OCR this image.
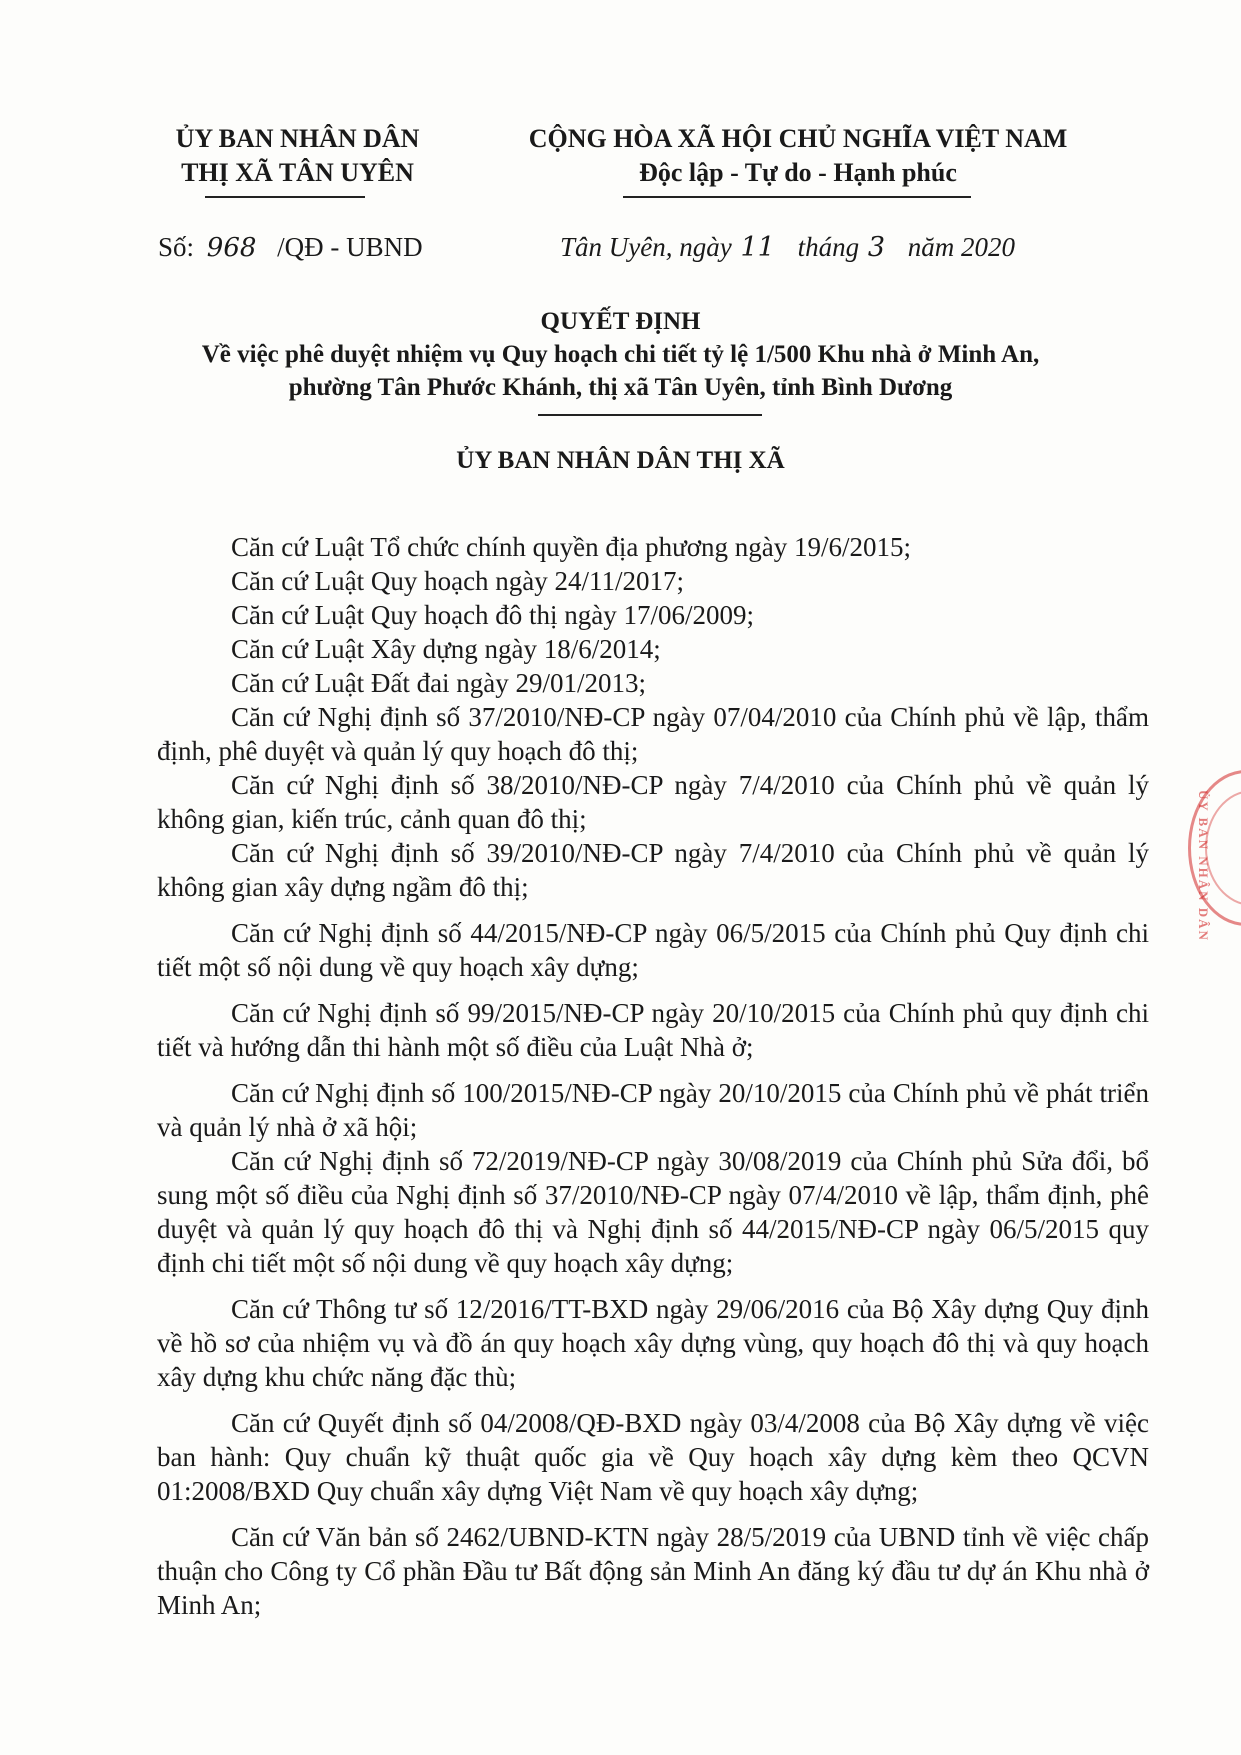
ỦY BAN NHÂN DÂN
THỊ XÃ TÂN UYÊN
CỘNG HÒA XÃ HỘI CHỦ NGHĨA VIỆT NAM
Độc lập - Tự do - Hạnh phúc
Số: 968 /QĐ - UBND	Tân Uyên, ngày 11 tháng 3 năm 2020
QUYẾT ĐỊNH
Về việc phê duyệt nhiệm vụ Quy hoạch chi tiết tỷ lệ 1/500 Khu nhà ở Minh An,
phường Tân Phước Khánh, thị xã Tân Uyên, tỉnh Bình Dương
ỦY BAN NHÂN DÂN THỊ XÃ

Căn cứ Luật Tổ chức chính quyền địa phương ngày 19/6/2015;

Căn cứ Luật Quy hoạch ngày 24/11/2017;

Căn cứ Luật Quy hoạch đô thị ngày 17/06/2009;

Căn cứ Luật Xây dựng ngày 18/6/2014;

Căn cứ Luật Đất đai ngày 29/01/2013;

Căn cứ Nghị định số 37/2010/NĐ-CP ngày 07/04/2010 của Chính phủ về lập, thẩm định, phê duyệt và quản lý quy hoạch đô thị;

Căn cứ Nghị định số 38/2010/NĐ-CP ngày 7/4/2010 của Chính phủ về quản lý không gian, kiến trúc, cảnh quan đô thị;

Căn cứ Nghị định số 39/2010/NĐ-CP ngày 7/4/2010 của Chính phủ về quản lý không gian xây dựng ngầm đô thị;

Căn cứ Nghị định số 44/2015/NĐ-CP ngày 06/5/2015 của Chính phủ Quy định chi tiết một số nội dung về quy hoạch xây dựng;

Căn cứ Nghị định số 99/2015/NĐ-CP ngày 20/10/2015 của Chính phủ quy định chi tiết và hướng dẫn thi hành một số điều của Luật Nhà ở;

Căn cứ Nghị định số 100/2015/NĐ-CP ngày 20/10/2015 của Chính phủ về phát triển và quản lý nhà ở xã hội;

Căn cứ Nghị định số 72/2019/NĐ-CP ngày 30/08/2019 của Chính phủ Sửa đổi, bổ sung một số điều của Nghị định số 37/2010/NĐ-CP ngày 07/4/2010 về lập, thẩm định, phê duyệt và quản lý quy hoạch đô thị và Nghị định số 44/2015/NĐ-CP ngày 06/5/2015 quy định chi tiết một số nội dung về quy hoạch xây dựng;

Căn cứ Thông tư số 12/2016/TT-BXD ngày 29/06/2016 của Bộ Xây dựng Quy định về hồ sơ của nhiệm vụ và đồ án quy hoạch xây dựng vùng, quy hoạch đô thị và quy hoạch xây dựng khu chức năng đặc thù;

Căn cứ Quyết định số 04/2008/QĐ-BXD ngày 03/4/2008 của Bộ Xây dựng về việc ban hành: Quy chuẩn kỹ thuật quốc gia về Quy hoạch xây dựng kèm theo QCVN 01:2008/BXD Quy chuẩn xây dựng Việt Nam về quy hoạch xây dựng;

Căn cứ Văn bản số 2462/UBND-KTN ngày 28/5/2019 của UBND tỉnh về việc chấp thuận cho Công ty Cổ phần Đầu tư Bất động sản Minh An đăng ký đầu tư dự án Khu nhà ở Minh An;

ỦY BAN NHÂN DÂN
